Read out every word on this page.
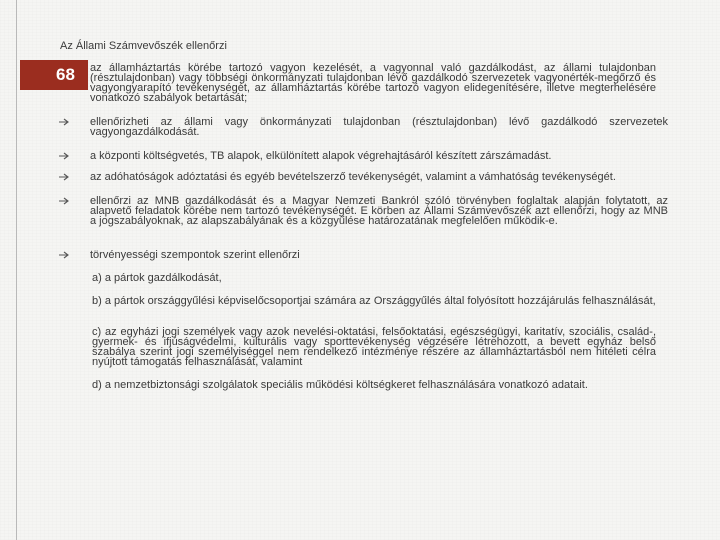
Az Állami Számvevőszék ellenőrzi
68 az államháztartás körébe tartozó vagyon kezelését, a vagyonnal való gazdálkodást, az állami tulajdonban (résztulajdonban) vagy többségi önkormányzati tulajdonban lévő gazdálkodó szervezetek vagyonérték-megőrző és vagyongyarapító tevékenységét, az államháztartás körébe tartozó vagyon elidegenítésére, illetve megterhelésére vonatkozó szabályok betartását;
ellenőrizheti az állami vagy önkormányzati tulajdonban (résztulajdonban) lévő gazdálkodó szervezetek vagyongazdálkodását.
a központi költségvetés, TB alapok, elkülönített alapok végrehajtásáról készített zárszámadást.
az adóhatóságok adóztatási és egyéb bevételszerző tevékenységét, valamint a vámhatóság tevékenységét.
ellenőrzi az MNB gazdálkodását és a Magyar Nemzeti Bankról szóló törvényben foglaltak alapján folytatott, az alapvető feladatok körébe nem tartozó tevékenységét. E körben az Állami Számvevőszék azt ellenőrzi, hogy az MNB a jogszabályoknak, az alapszabályának és a közgyűlése határozatának megfelelően működik-e.
törvényességi szempontok szerint ellenőrzi
a) a pártok gazdálkodását,
b) a pártok országgyűlési képviselőcsoportjai számára az Országgyűlés által folyósított hozzájárulás felhasználását,
c) az egyházi jogi személyek vagy azok nevelési-oktatási, felsőoktatási, egészségügyi, karitatív, szociális, család-, gyermek- és ifjúságvédelmi, kulturális vagy sporttevékenység végzésére létrehozott, a bevett egyház belső szabálya szerint jogi személyiséggel nem rendelkező intézménye részére az államháztartásból nem hitéleti célra nyújtott támogatás felhasználását, valamint
d) a nemzetbiztonsági szolgálatok speciális működési költségkeret felhasználására vonatkozó adatait.
